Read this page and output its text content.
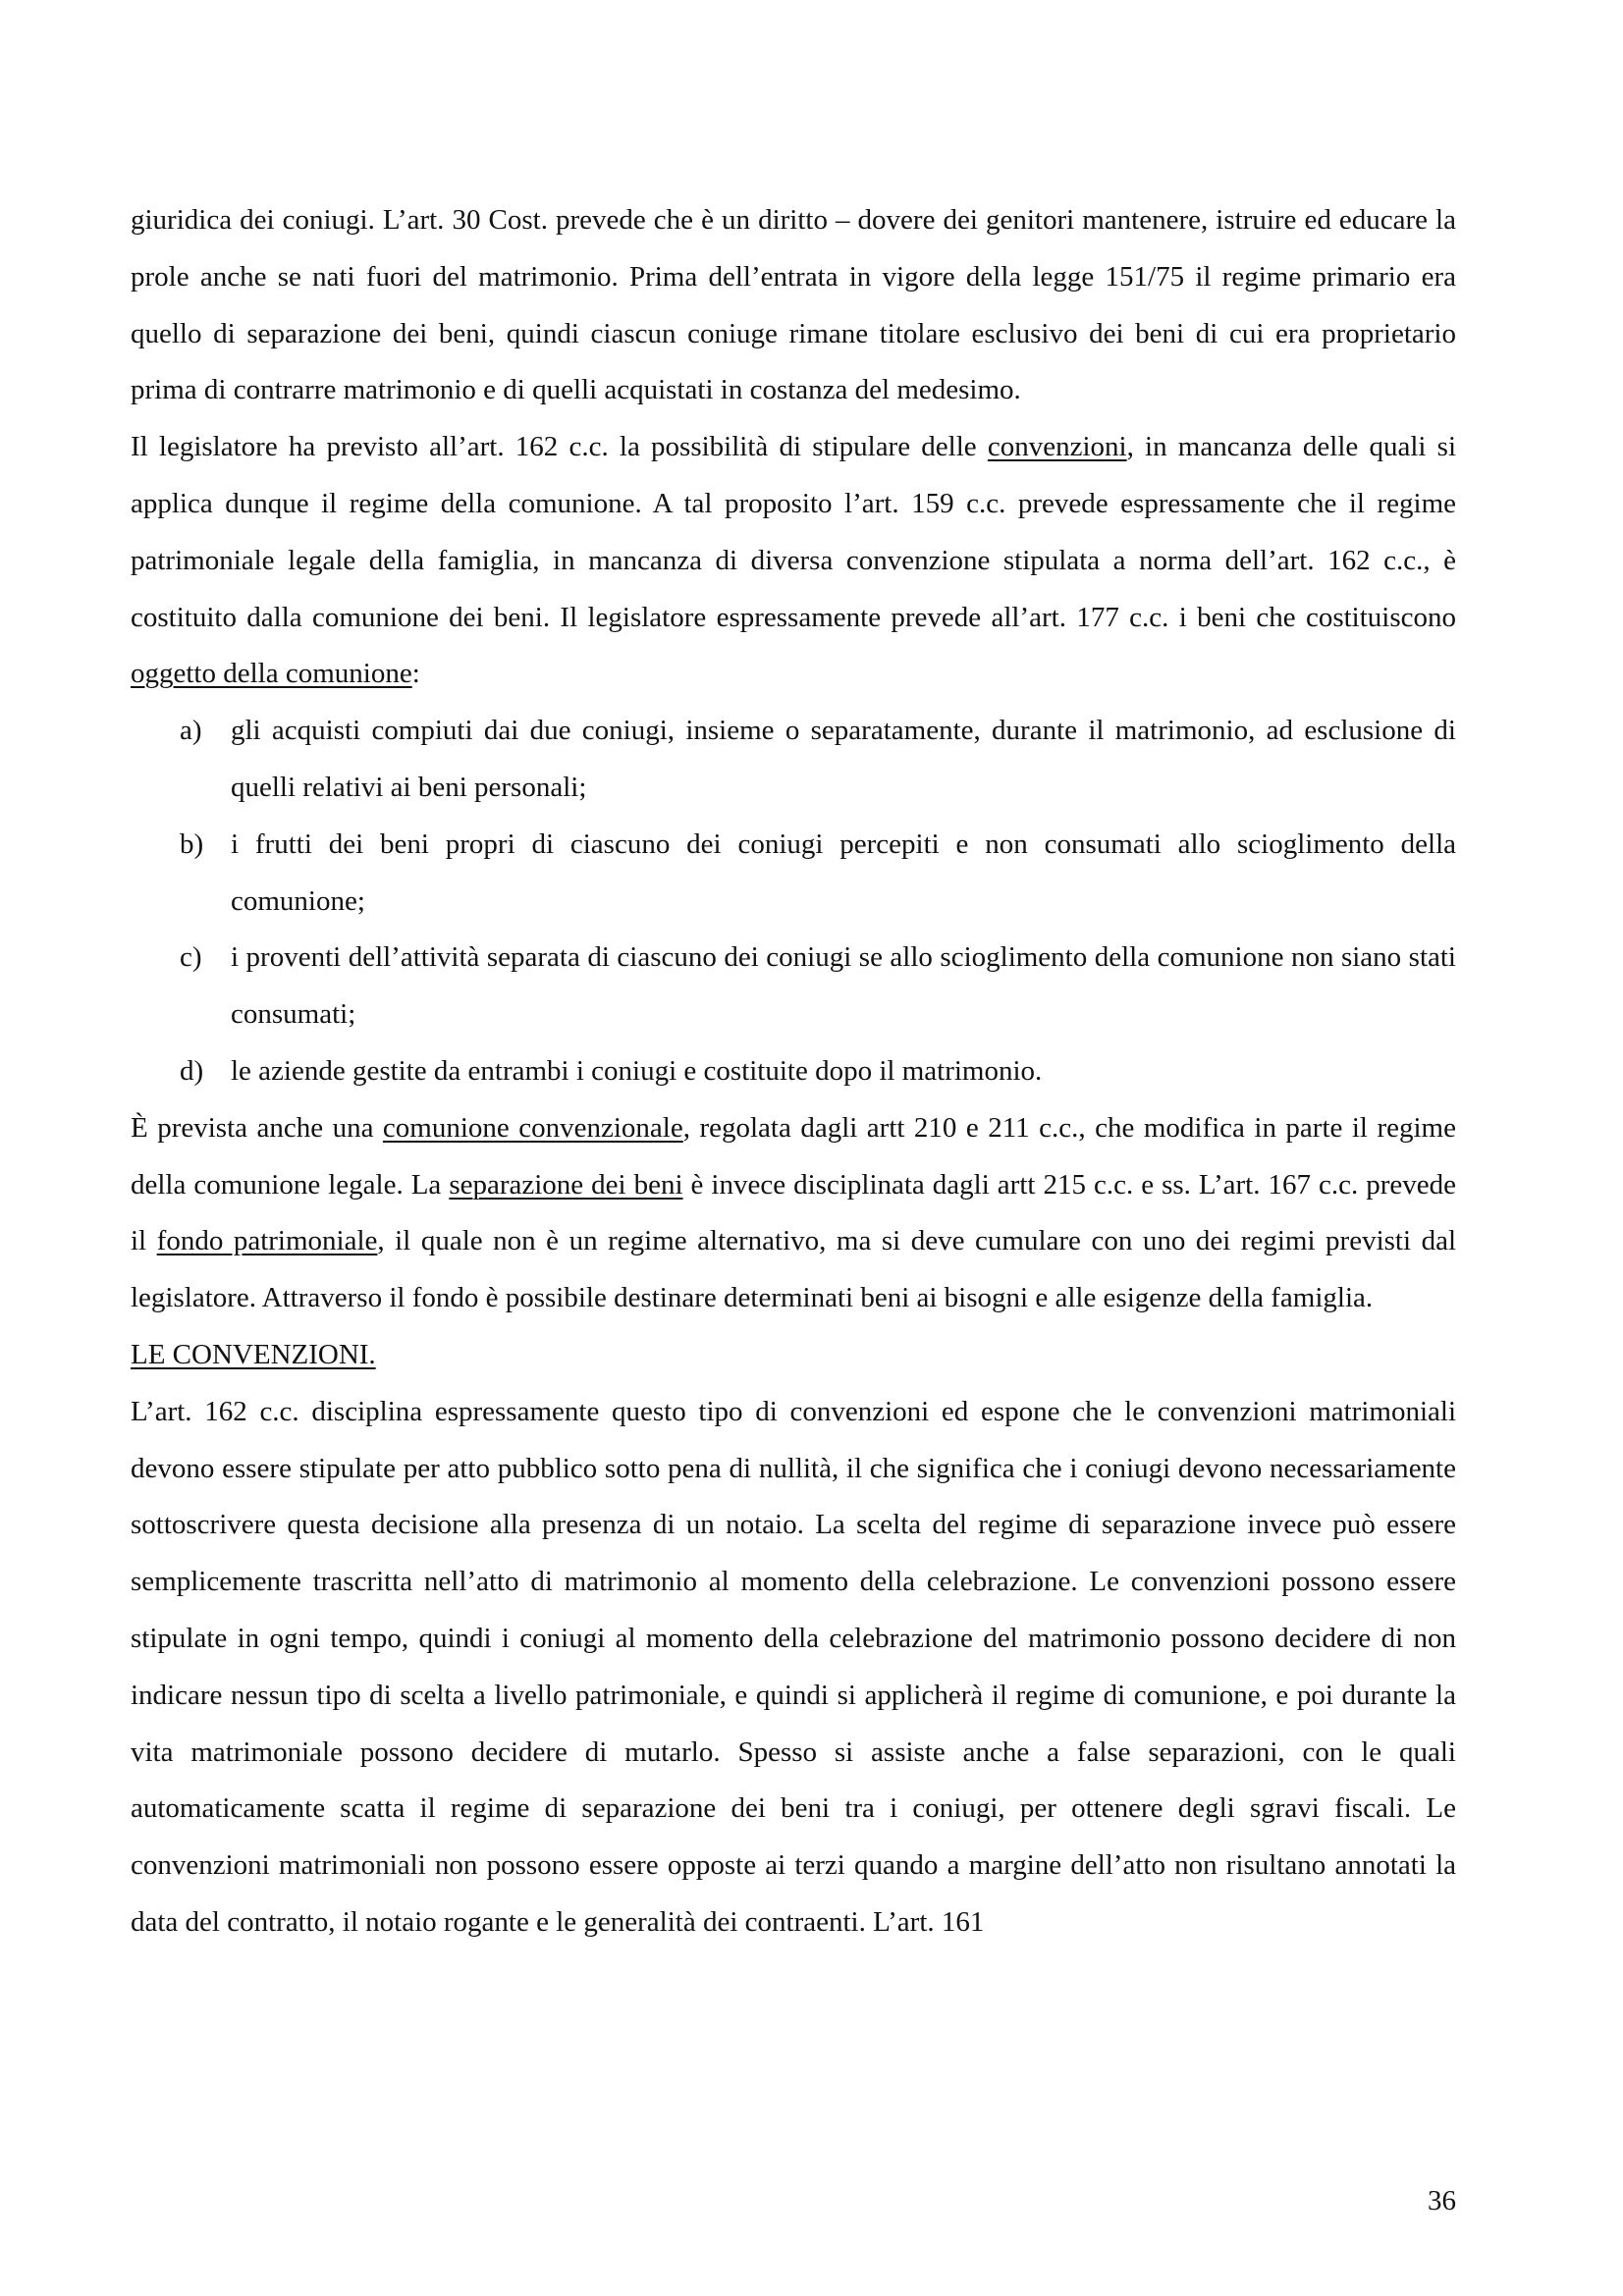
giuridica dei coniugi. L’art. 30 Cost. prevede che è un diritto – dovere dei genitori mantenere, istruire ed educare la prole anche se nati fuori del matrimonio. Prima dell’entrata in vigore della legge 151/75 il regime primario era quello di separazione dei beni, quindi ciascun coniuge rimane titolare esclusivo dei beni di cui era proprietario prima di contrarre matrimonio e di quelli acquistati in costanza del medesimo.

Il legislatore ha previsto all’art. 162 c.c. la possibilità di stipulare delle convenzioni, in mancanza delle quali si applica dunque il regime della comunione. A tal proposito l’art. 159 c.c. prevede espressamente che il regime patrimoniale legale della famiglia, in mancanza di diversa convenzione stipulata a norma dell’art. 162 c.c., è costituito dalla comunione dei beni. Il legislatore espressamente prevede all’art. 177 c.c. i beni che costituiscono oggetto della comunione:

a) gli acquisti compiuti dai due coniugi, insieme o separatamente, durante il matrimonio, ad esclusione di quelli relativi ai beni personali;
b) i frutti dei beni propri di ciascuno dei coniugi percepiti e non consumati allo scioglimento della comunione;
c) i proventi dell’attività separata di ciascuno dei coniugi se allo scioglimento della comunione non siano stati consumati;
d) le aziende gestite da entrambi i coniugi e costituite dopo il matrimonio.

È prevista anche una comunione convenzionale, regolata dagli artt 210 e 211 c.c., che modifica in parte il regime della comunione legale. La separazione dei beni è invece disciplinata dagli artt 215 c.c. e ss. L’art. 167 c.c. prevede il fondo patrimoniale, il quale non è un regime alternativo, ma si deve cumulare con uno dei regimi previsti dal legislatore. Attraverso il fondo è possibile destinare determinati beni ai bisogni e alle esigenze della famiglia.

LE CONVENZIONI.

L’art. 162 c.c. disciplina espressamente questo tipo di convenzioni ed espone che le convenzioni matrimoniali devono essere stipulate per atto pubblico sotto pena di nullità, il che significa che i coniugi devono necessariamente sottoscrivere questa decisione alla presenza di un notaio. La scelta del regime di separazione invece può essere semplicemente trascritta nell’atto di matrimonio al momento della celebrazione. Le convenzioni possono essere stipulate in ogni tempo, quindi i coniugi al momento della celebrazione del matrimonio possono decidere di non indicare nessun tipo di scelta a livello patrimoniale, e quindi si applicherà il regime di comunione, e poi durante la vita matrimoniale possono decidere di mutarlo. Spesso si assiste anche a false separazioni, con le quali automaticamente scatta il regime di separazione dei beni tra i coniugi, per ottenere degli sgravi fiscali. Le convenzioni matrimoniali non possono essere opposte ai terzi quando a margine dell’atto non risultano annotati la data del contratto, il notaio rogante e le generalità dei contraenti. L’art. 161

36
